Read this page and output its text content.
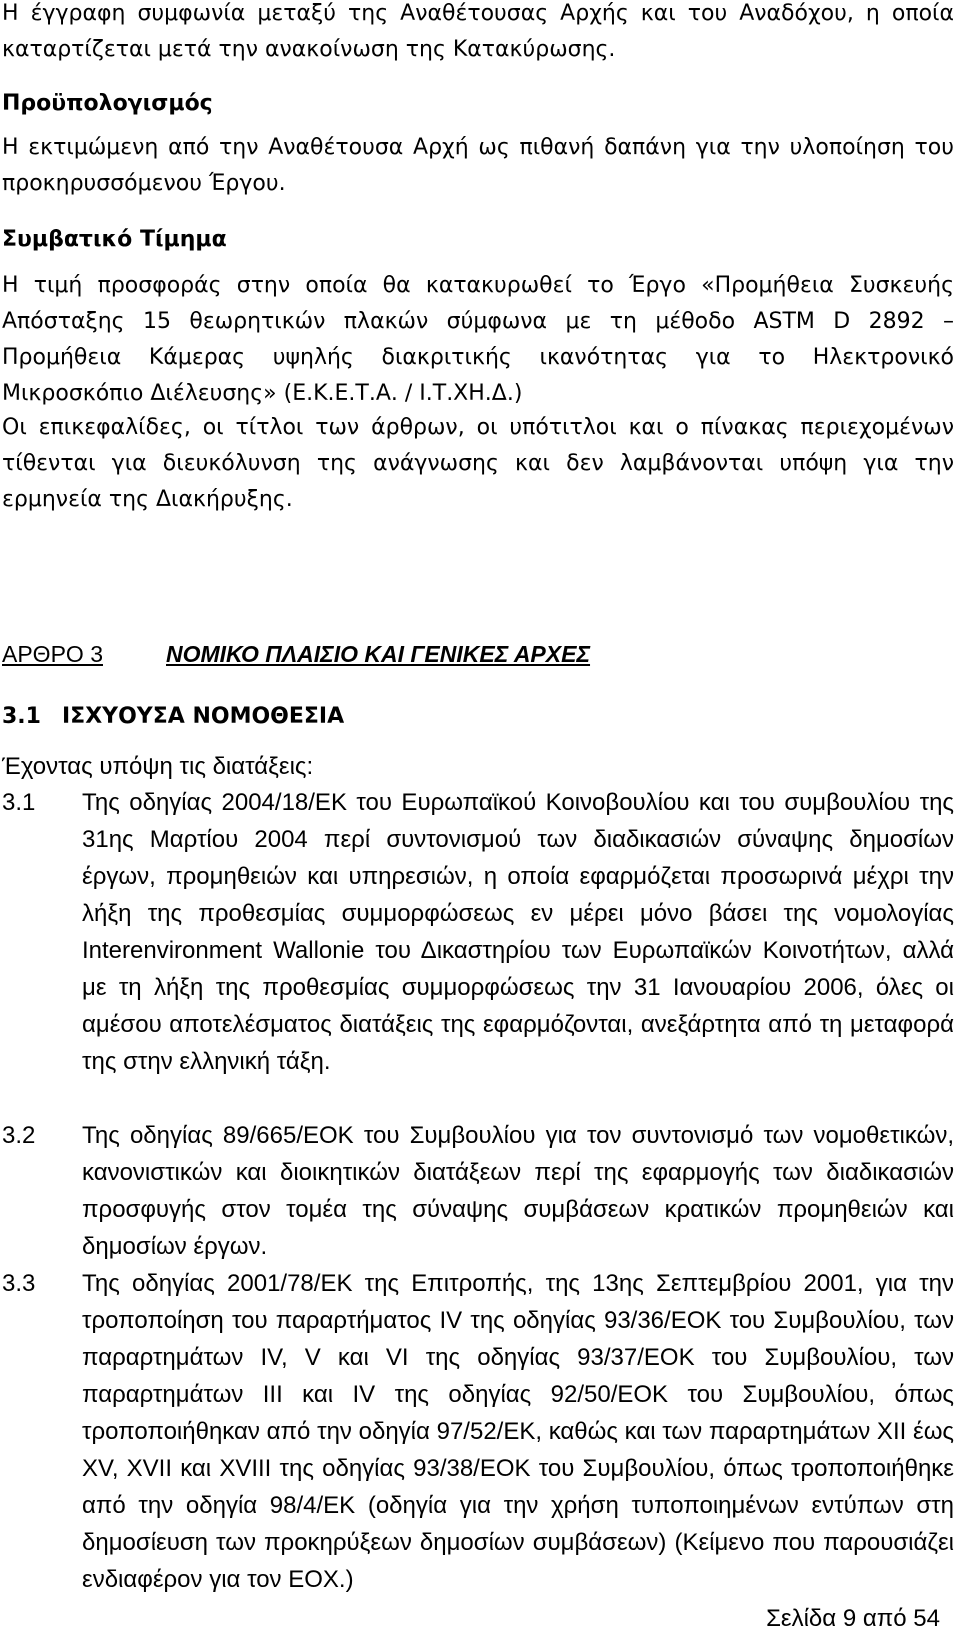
Η έγγραφη συμφωνία μεταξύ της Αναθέτουσας Αρχής και του Αναδόχου, η οποία καταρτίζεται μετά την ανακοίνωση της Κατακύρωσης.

Προϋπολογισμός

Η εκτιμώμενη από την Αναθέτουσα Αρχή ως πιθανή δαπάνη για την υλοποίηση του προκηρυσσόμενου Έργου.

Συμβατικό Τίμημα

Η τιμή προσφοράς στην οποία θα κατακυρωθεί το Έργο «Προμήθεια Συσκευής Απόσταξης 15 θεωρητικών πλακών σύμφωνα με τη μέθοδο ASTM D 2892 – Προμήθεια Κάμερας υψηλής διακριτικής ικανότητας για το Ηλεκτρονικό Μικροσκόπιο Διέλευσης» (Ε.Κ.Ε.Τ.Α. / Ι.Τ.ΧΗ.Δ.)

Οι επικεφαλίδες, οι τίτλοι των άρθρων, οι υπότιτλοι και ο πίνακας περιεχομένων τίθενται για διευκόλυνση της ανάγνωσης και δεν λαμβάνονται υπόψη για την ερμηνεία της Διακήρυξης.

ΑΡΘΡΟ 3	ΝΟΜΙΚΟ ΠΛΑΙΣΙΟ ΚΑΙ ΓΕΝΙΚΕΣ ΑΡΧΕΣ
3.1 ΙΣΧΥΟΥΣΑ ΝΟΜΟΘΕΣΙΑ

Έχοντας υπόψη τις διατάξεις:

3.1	Της οδηγίας 2004/18/ΕΚ του Ευρωπαϊκού Κοινοβουλίου και του συμβουλίου της 31ης Μαρτίου 2004 περί συντονισμού των διαδικασιών σύναψης δημοσίων έργων, προμηθειών και υπηρεσιών, η οποία εφαρμόζεται προσωρινά μέχρι την λήξη της προθεσμίας συμμορφώσεως εν μέρει μόνο βάσει της νομολογίας Interenvironment Wallonie του Δικαστηρίου των Ευρωπαϊκών Κοινοτήτων, αλλά με τη λήξη της προθεσμίας συμμορφώσεως την 31 Ιανουαρίου 2006, όλες οι αμέσου αποτελέσματος διατάξεις της εφαρμόζονται, ανεξάρτητα από τη μεταφορά της στην ελληνική τάξη.
3.2	Της οδηγίας 89/665/ΕΟΚ του Συμβουλίου για τον συντονισμό των νομοθετικών, κανονιστικών και διοικητικών διατάξεων περί της εφαρμογής των διαδικασιών προσφυγής στον τομέα της σύναψης συμβάσεων κρατικών προμηθειών και δημοσίων έργων.
3.3	Της οδηγίας 2001/78/ΕΚ της Επιτροπής, της 13ης Σεπτεμβρίου 2001, για την τροποποίηση του παραρτήματος IV της οδηγίας 93/36/ΕΟΚ του Συμβουλίου, των παραρτημάτων IV, V και VI της οδηγίας 93/37/ΕΟΚ του Συμβουλίου, των παραρτημάτων ΙΙΙ και IV της οδηγίας 92/50/ΕΟΚ του Συμβουλίου, όπως τροποποιήθηκαν από την οδηγία 97/52/ΕΚ, καθώς και των παραρτημάτων XII έως XV, XVII και XVIII της οδηγίας 93/38/ΕΟΚ του Συμβουλίου, όπως τροποποιήθηκε από την οδηγία 98/4/ΕΚ (οδηγία για την χρήση τυποποιημένων εντύπων στη δημοσίευση των προκηρύξεων δημοσίων συμβάσεων) (Κείμενο που παρουσιάζει ενδιαφέρον για τον ΕΟΧ.)
Σελίδα 9 από 54
